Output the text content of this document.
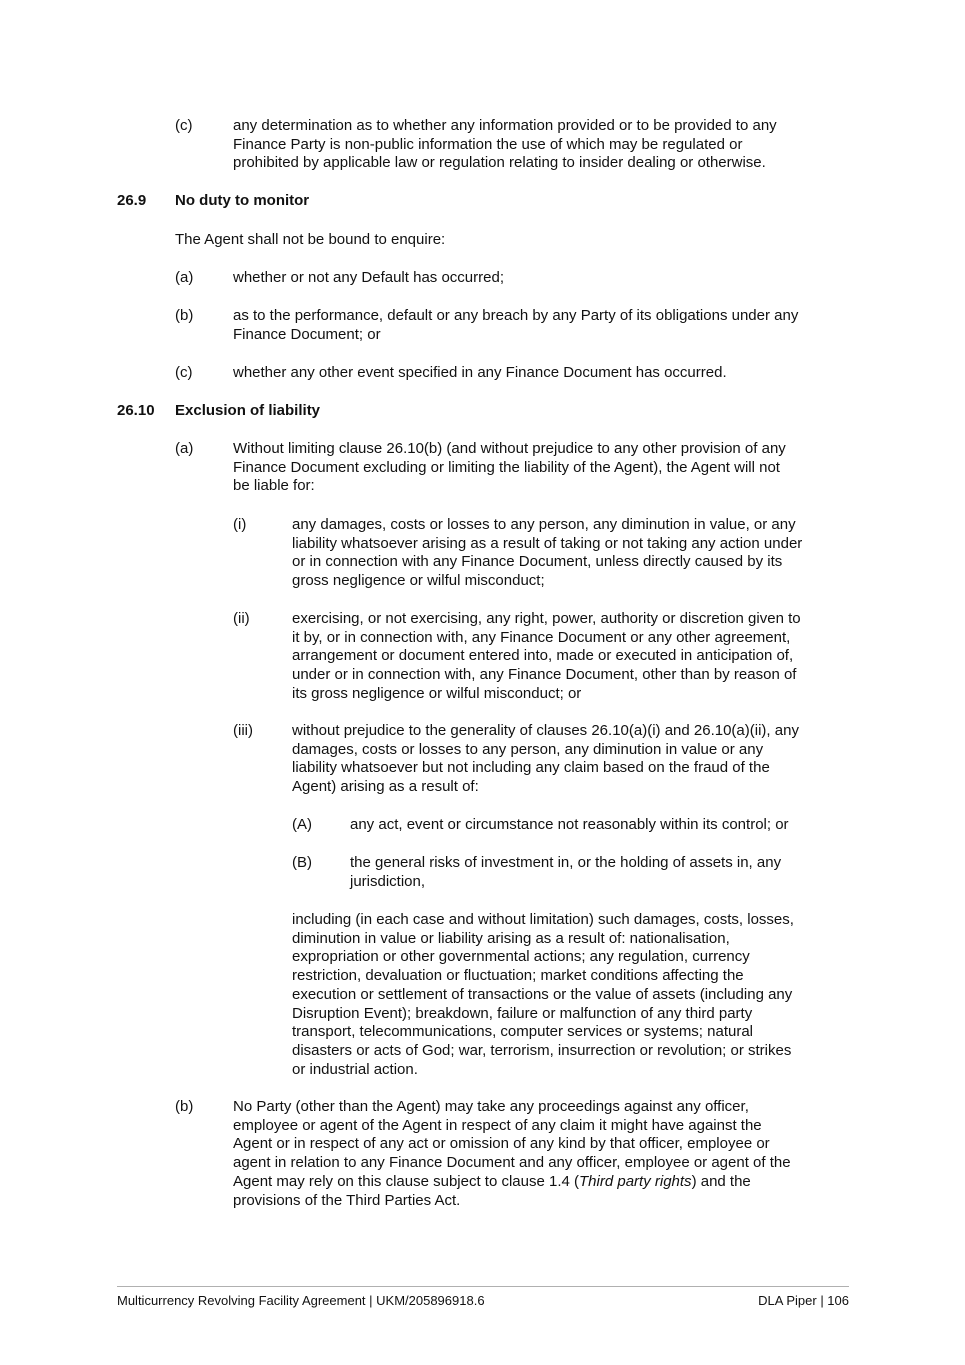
(c)	any determination as to whether any information provided or to be provided to any
Finance Party is non-public information the use of which may be regulated or
prohibited by applicable law or regulation relating to insider dealing or otherwise.
26.9 No duty to monitor
The Agent shall not be bound to enquire:
(a)	whether or not any Default has occurred;
(b)	as to the performance, default or any breach by any Party of its obligations under any
Finance Document; or
(c)	whether any other event specified in any Finance Document has occurred.
26.10 Exclusion of liability
(a)	Without limiting clause 26.10(b) (and without prejudice to any other provision of any
Finance Document excluding or limiting the liability of the Agent), the Agent will not
be liable for:
(i)	any damages, costs or losses to any person, any diminution in value, or any
liability whatsoever arising as a result of taking or not taking any action under
or in connection with any Finance Document, unless directly caused by its
gross negligence or wilful misconduct;
(ii)	exercising, or not exercising, any right, power, authority or discretion given to
it by, or in connection with, any Finance Document or any other agreement,
arrangement or document entered into, made or executed in anticipation of,
under or in connection with, any Finance Document, other than by reason of
its gross negligence or wilful misconduct; or
(iii)	without prejudice to the generality of clauses 26.10(a)(i) and 26.10(a)(ii), any
damages, costs or losses to any person, any diminution in value or any
liability whatsoever but not including any claim based on the fraud of the
Agent) arising as a result of:
(A)	any act, event or circumstance not reasonably within its control; or
(B)	the general risks of investment in, or the holding of assets in, any
jurisdiction,
including (in each case and without limitation) such damages, costs, losses,
diminution in value or liability arising as a result of: nationalisation,
expropriation or other governmental actions; any regulation, currency
restriction, devaluation or fluctuation; market conditions affecting the
execution or settlement of transactions or the value of assets (including any
Disruption Event); breakdown, failure or malfunction of any third party
transport, telecommunications, computer services or systems; natural
disasters or acts of God; war, terrorism, insurrection or revolution; or strikes
or industrial action.
(b)	No Party (other than the Agent) may take any proceedings against any officer,
employee or agent of the Agent in respect of any claim it might have against the
Agent or in respect of any act or omission of any kind by that officer, employee or
agent in relation to any Finance Document and any officer, employee or agent of the
Agent may rely on this clause subject to clause 1.4 (Third party rights) and the
provisions of the Third Parties Act.
Multicurrency Revolving Facility Agreement | UKM/205896918.6	DLA Piper | 106
